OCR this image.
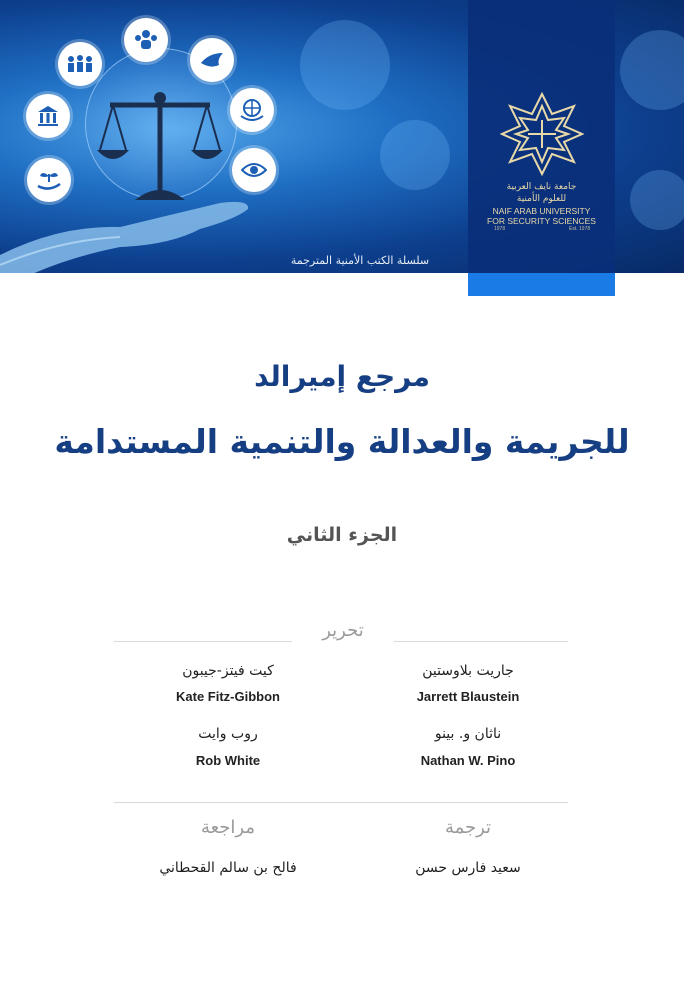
سلسلة الكتب الأمنية المترجمة
جامعة نايف العربية
للعلوم الأمنية
NAIF ARAB UNIVERSITY
FOR SECURITY SCIENCES
1978	Est. 1978
مرجع إميرالد
للجريمة والعدالة والتنمية المستدامة
الجزء الثاني
تحرير
جاريت بلاوستين
Jarrett Blaustein
كيت فيتز-جيبون
Kate Fitz-Gibbon
ناثان و. بينو
Nathan W. Pino
روب وايت
Rob White
ترجمة
سعيد فارس حسن
مراجعة
فالح بن سالم القحطاني
